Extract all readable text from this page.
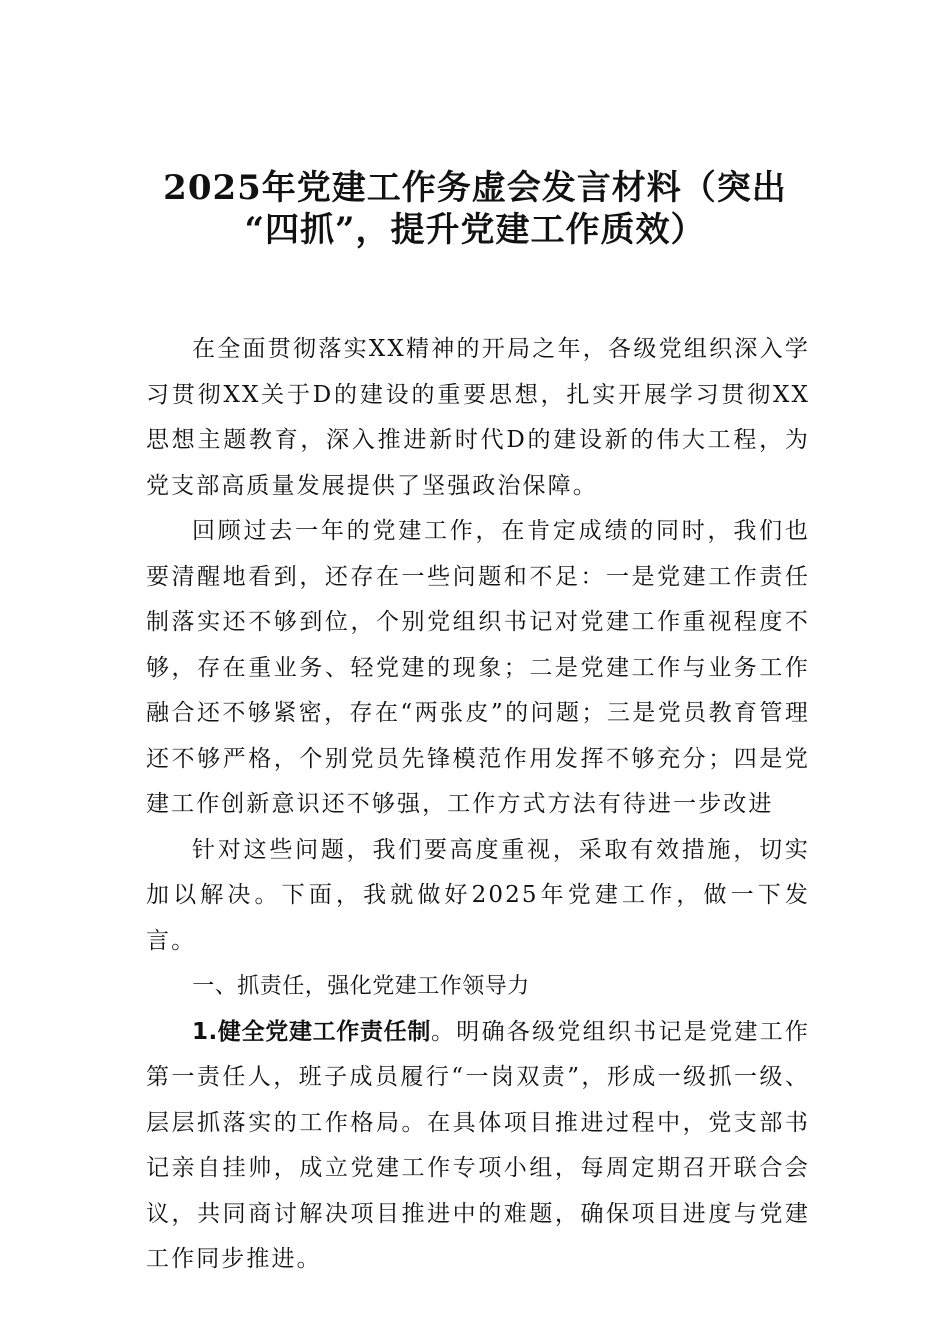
2025年党建工作务虚会发言材料（突出
“四抓”，提升党建工作质效）

在全面贯彻落实XX精神的开局之年，各级党组织深入学习贯彻XX关于D的建设的重要思想，扎实开展学习贯彻XX思想主题教育，深入推进新时代D的建设新的伟大工程，为党支部高质量发展提供了坚强政治保障。

回顾过去一年的党建工作，在肯定成绩的同时，我们也要清醒地看到，还存在一些问题和不足：一是党建工作责任制落实还不够到位，个别党组织书记对党建工作重视程度不够，存在重业务、轻党建的现象；二是党建工作与业务工作融合还不够紧密，存在“两张皮”的问题；三是党员教育管理还不够严格，个别党员先锋模范作用发挥不够充分；四是党建工作创新意识还不够强，工作方式方法有待进一步改进

针对这些问题，我们要高度重视，采取有效措施，切实加以解决。下面，我就做好2025年党建工作，做一下发言。

一、抓责任，强化党建工作领导力

1.健全党建工作责任制。明确各级党组织书记是党建工作第一责任人，班子成员履行“一岗双责”，形成一级抓一级、层层抓落实的工作格局。在具体项目推进过程中，党支部书记亲自挂帅，成立党建工作专项小组，每周定期召开联合会议，共同商讨解决项目推进中的难题，确保项目进度与党建工作同步推进。
